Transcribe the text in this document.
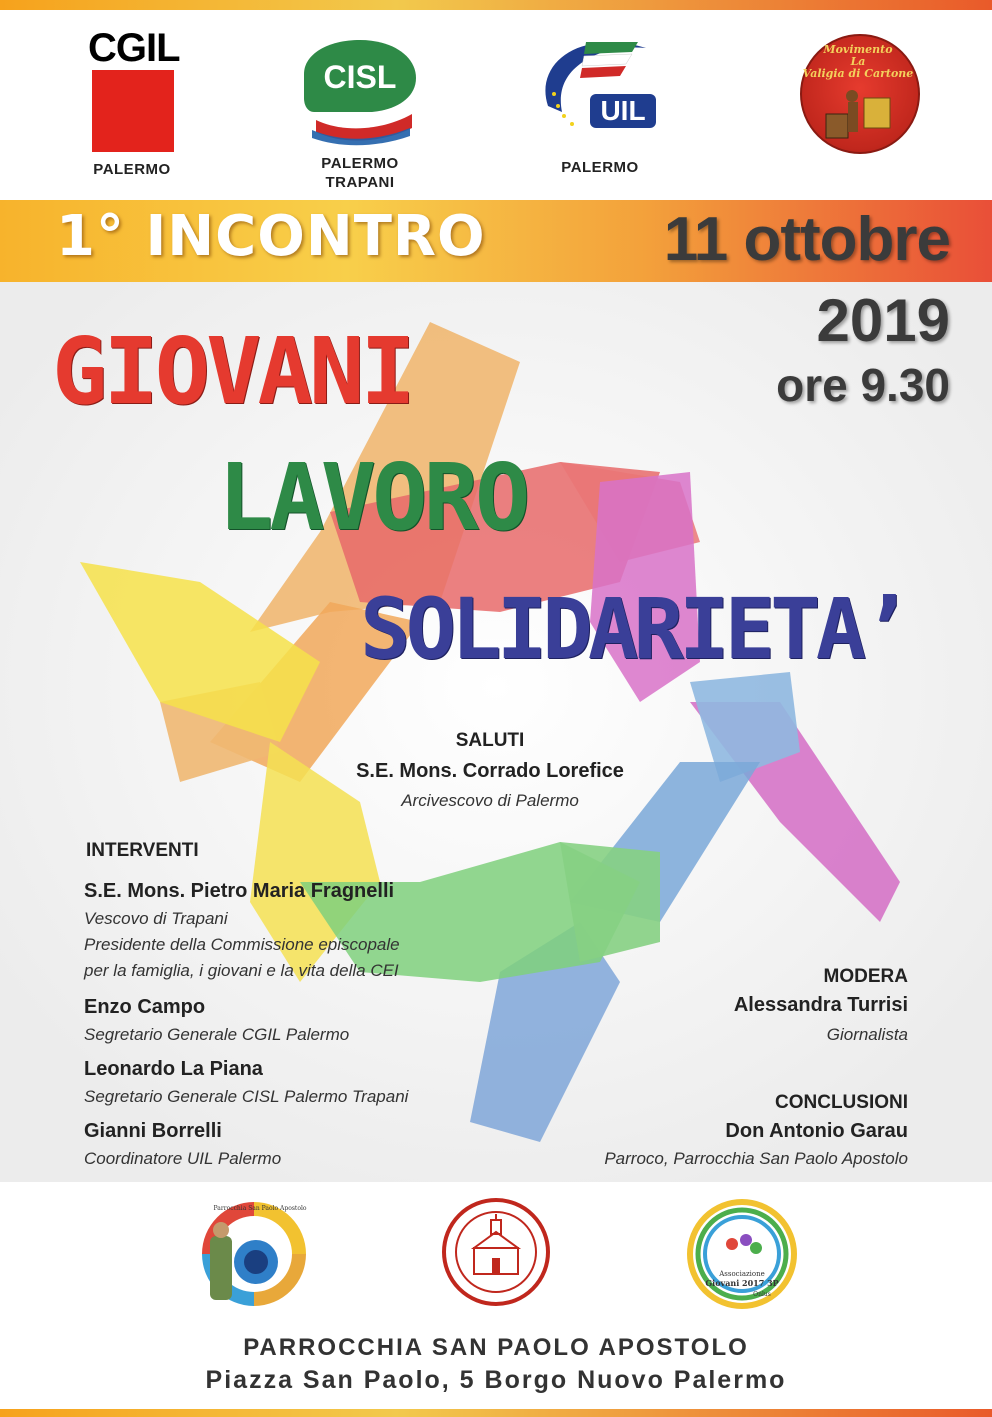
CGIL
PALERMO
CISL
PALERMO
TRAPANI
UIL
PALERMO
Movimento
La
Valigia di Cartone
1° INCONTRO	11 ottobre
2019
ore 9.30
GIOVANI
LAVORO
SOLIDARIETA’
SALUTI
S.E. Mons. Corrado Lorefice
Arcivescovo di Palermo
INTERVENTI
S.E. Mons. Pietro Maria Fragnelli
Vescovo di Trapani
Presidente della Commissione episcopale
per la famiglia, i giovani e la vita della CEI
Enzo Campo
Segretario Generale CGIL Palermo
Leonardo La Piana
Segretario Generale CISL Palermo Trapani
Gianni Borrelli
Coordinatore UIL Palermo
MODERA
Alessandra Turrisi
Giornalista
CONCLUSIONI
Don Antonio Garau
Parroco, Parrocchia San Paolo Apostolo
Parrocchia San Paolo Apostolo
Associazione
Giovani 2017 3P
Onlus
PARROCCHIA SAN PAOLO APOSTOLO
Piazza San Paolo, 5 Borgo Nuovo Palermo
